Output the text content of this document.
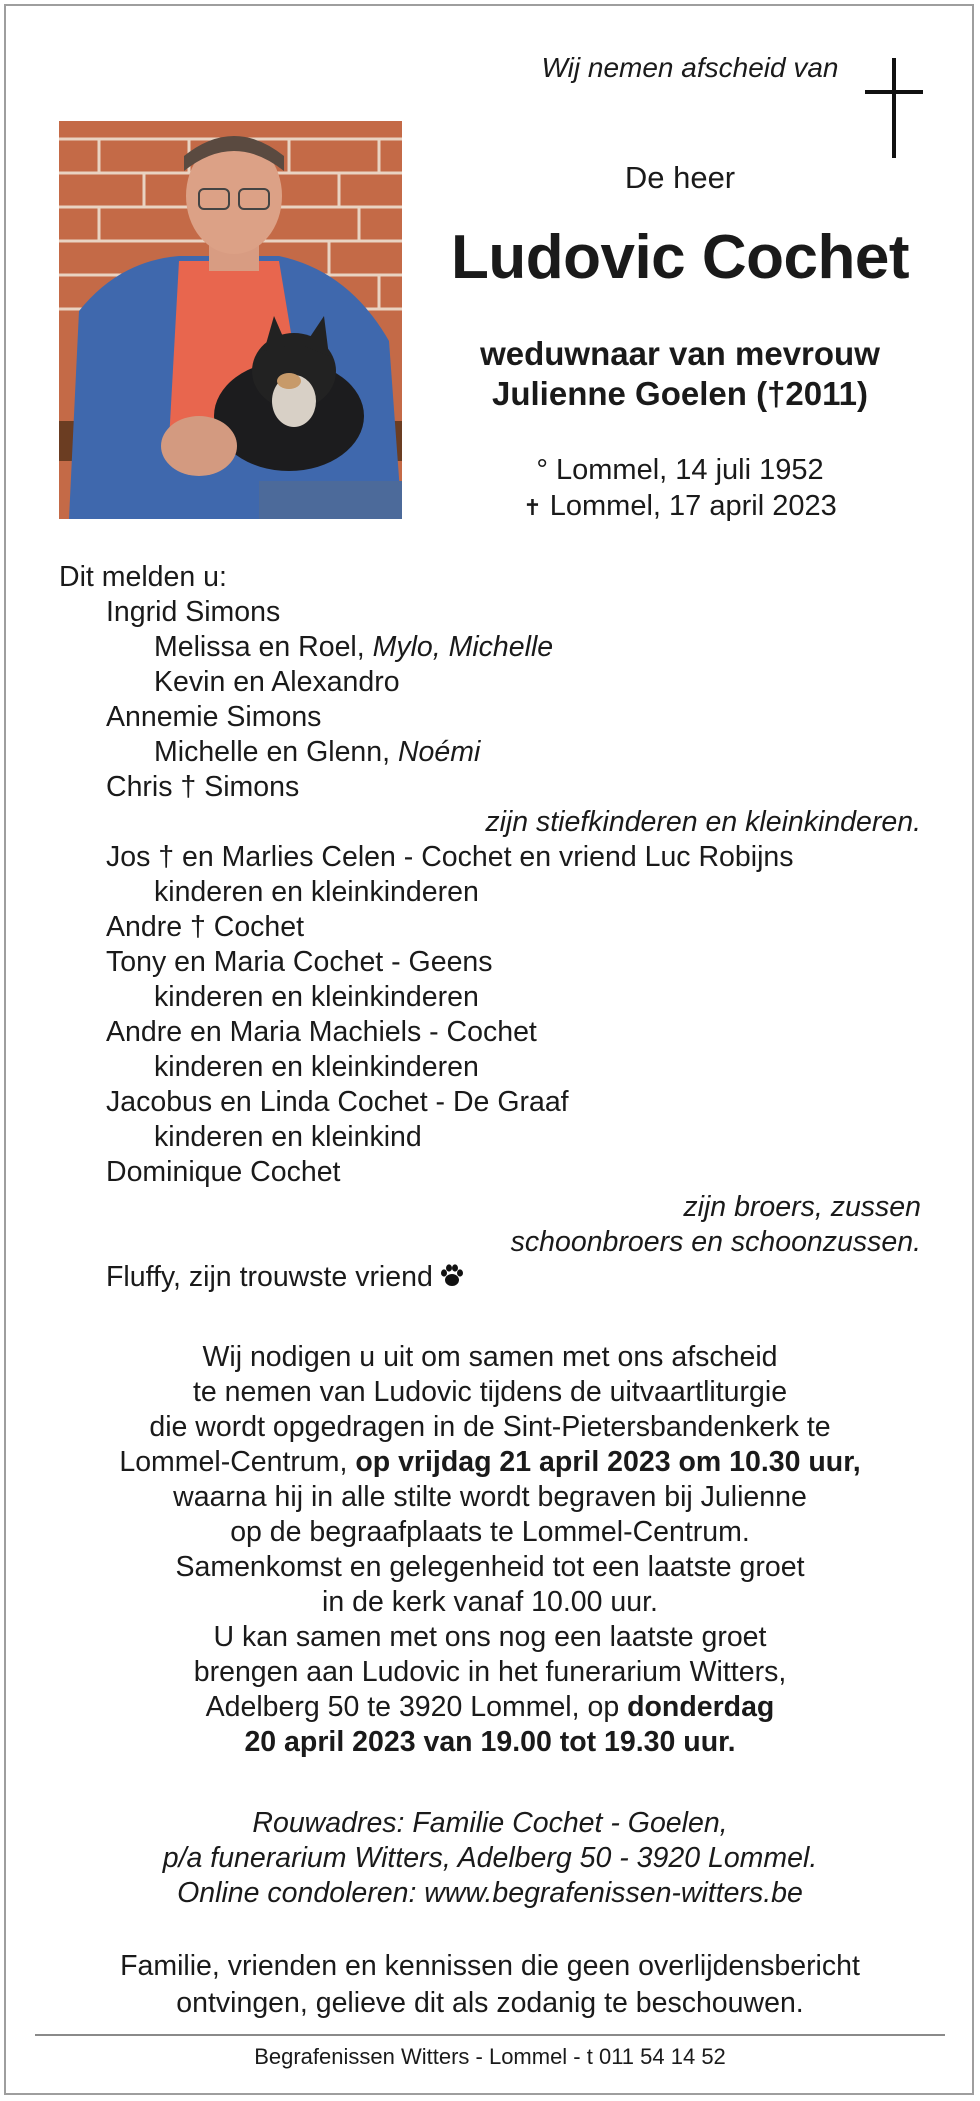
Wij nemen afscheid van
De heer
Ludovic Cochet
weduwnaar van mevrouw
Julienne Goelen (†2011)
° Lommel, 14 juli 1952
✝ Lommel, 17 april 2023
Dit melden u:
Ingrid Simons
Melissa en Roel, Mylo, Michelle
Kevin en Alexandro
Annemie Simons
Michelle en Glenn, Noémi
Chris † Simons
zijn stiefkinderen en kleinkinderen.
Jos † en Marlies Celen - Cochet en vriend Luc Robijns
kinderen en kleinkinderen
Andre † Cochet
Tony en Maria Cochet - Geens
kinderen en kleinkinderen
Andre en Maria Machiels - Cochet
kinderen en kleinkinderen
Jacobus en Linda Cochet - De Graaf
kinderen en kleinkind
Dominique Cochet
zijn broers, zussen
schoonbroers en schoonzussen.
Fluffy, zijn trouwste vriend
Wij nodigen u uit om samen met ons afscheid
te nemen van Ludovic tijdens de uitvaartliturgie
die wordt opgedragen in de Sint-Pietersbandenkerk te
Lommel-Centrum, op vrijdag 21 april 2023 om 10.30 uur,
waarna hij in alle stilte wordt begraven bij Julienne
op de begraafplaats te Lommel-Centrum.
Samenkomst en gelegenheid tot een laatste groet
in de kerk vanaf 10.00 uur.
U kan samen met ons nog een laatste groet
brengen aan Ludovic in het funerarium Witters,
Adelberg 50 te 3920 Lommel, op donderdag
20 april 2023 van 19.00 tot 19.30 uur.
Rouwadres: Familie Cochet - Goelen,
p/a funerarium Witters, Adelberg 50 - 3920 Lommel.
Online condoleren: www.begrafenissen-witters.be
Familie, vrienden en kennissen die geen overlijdensbericht
ontvingen, gelieve dit als zodanig te beschouwen.
Begrafenissen Witters - Lommel - t 011 54 14 52
